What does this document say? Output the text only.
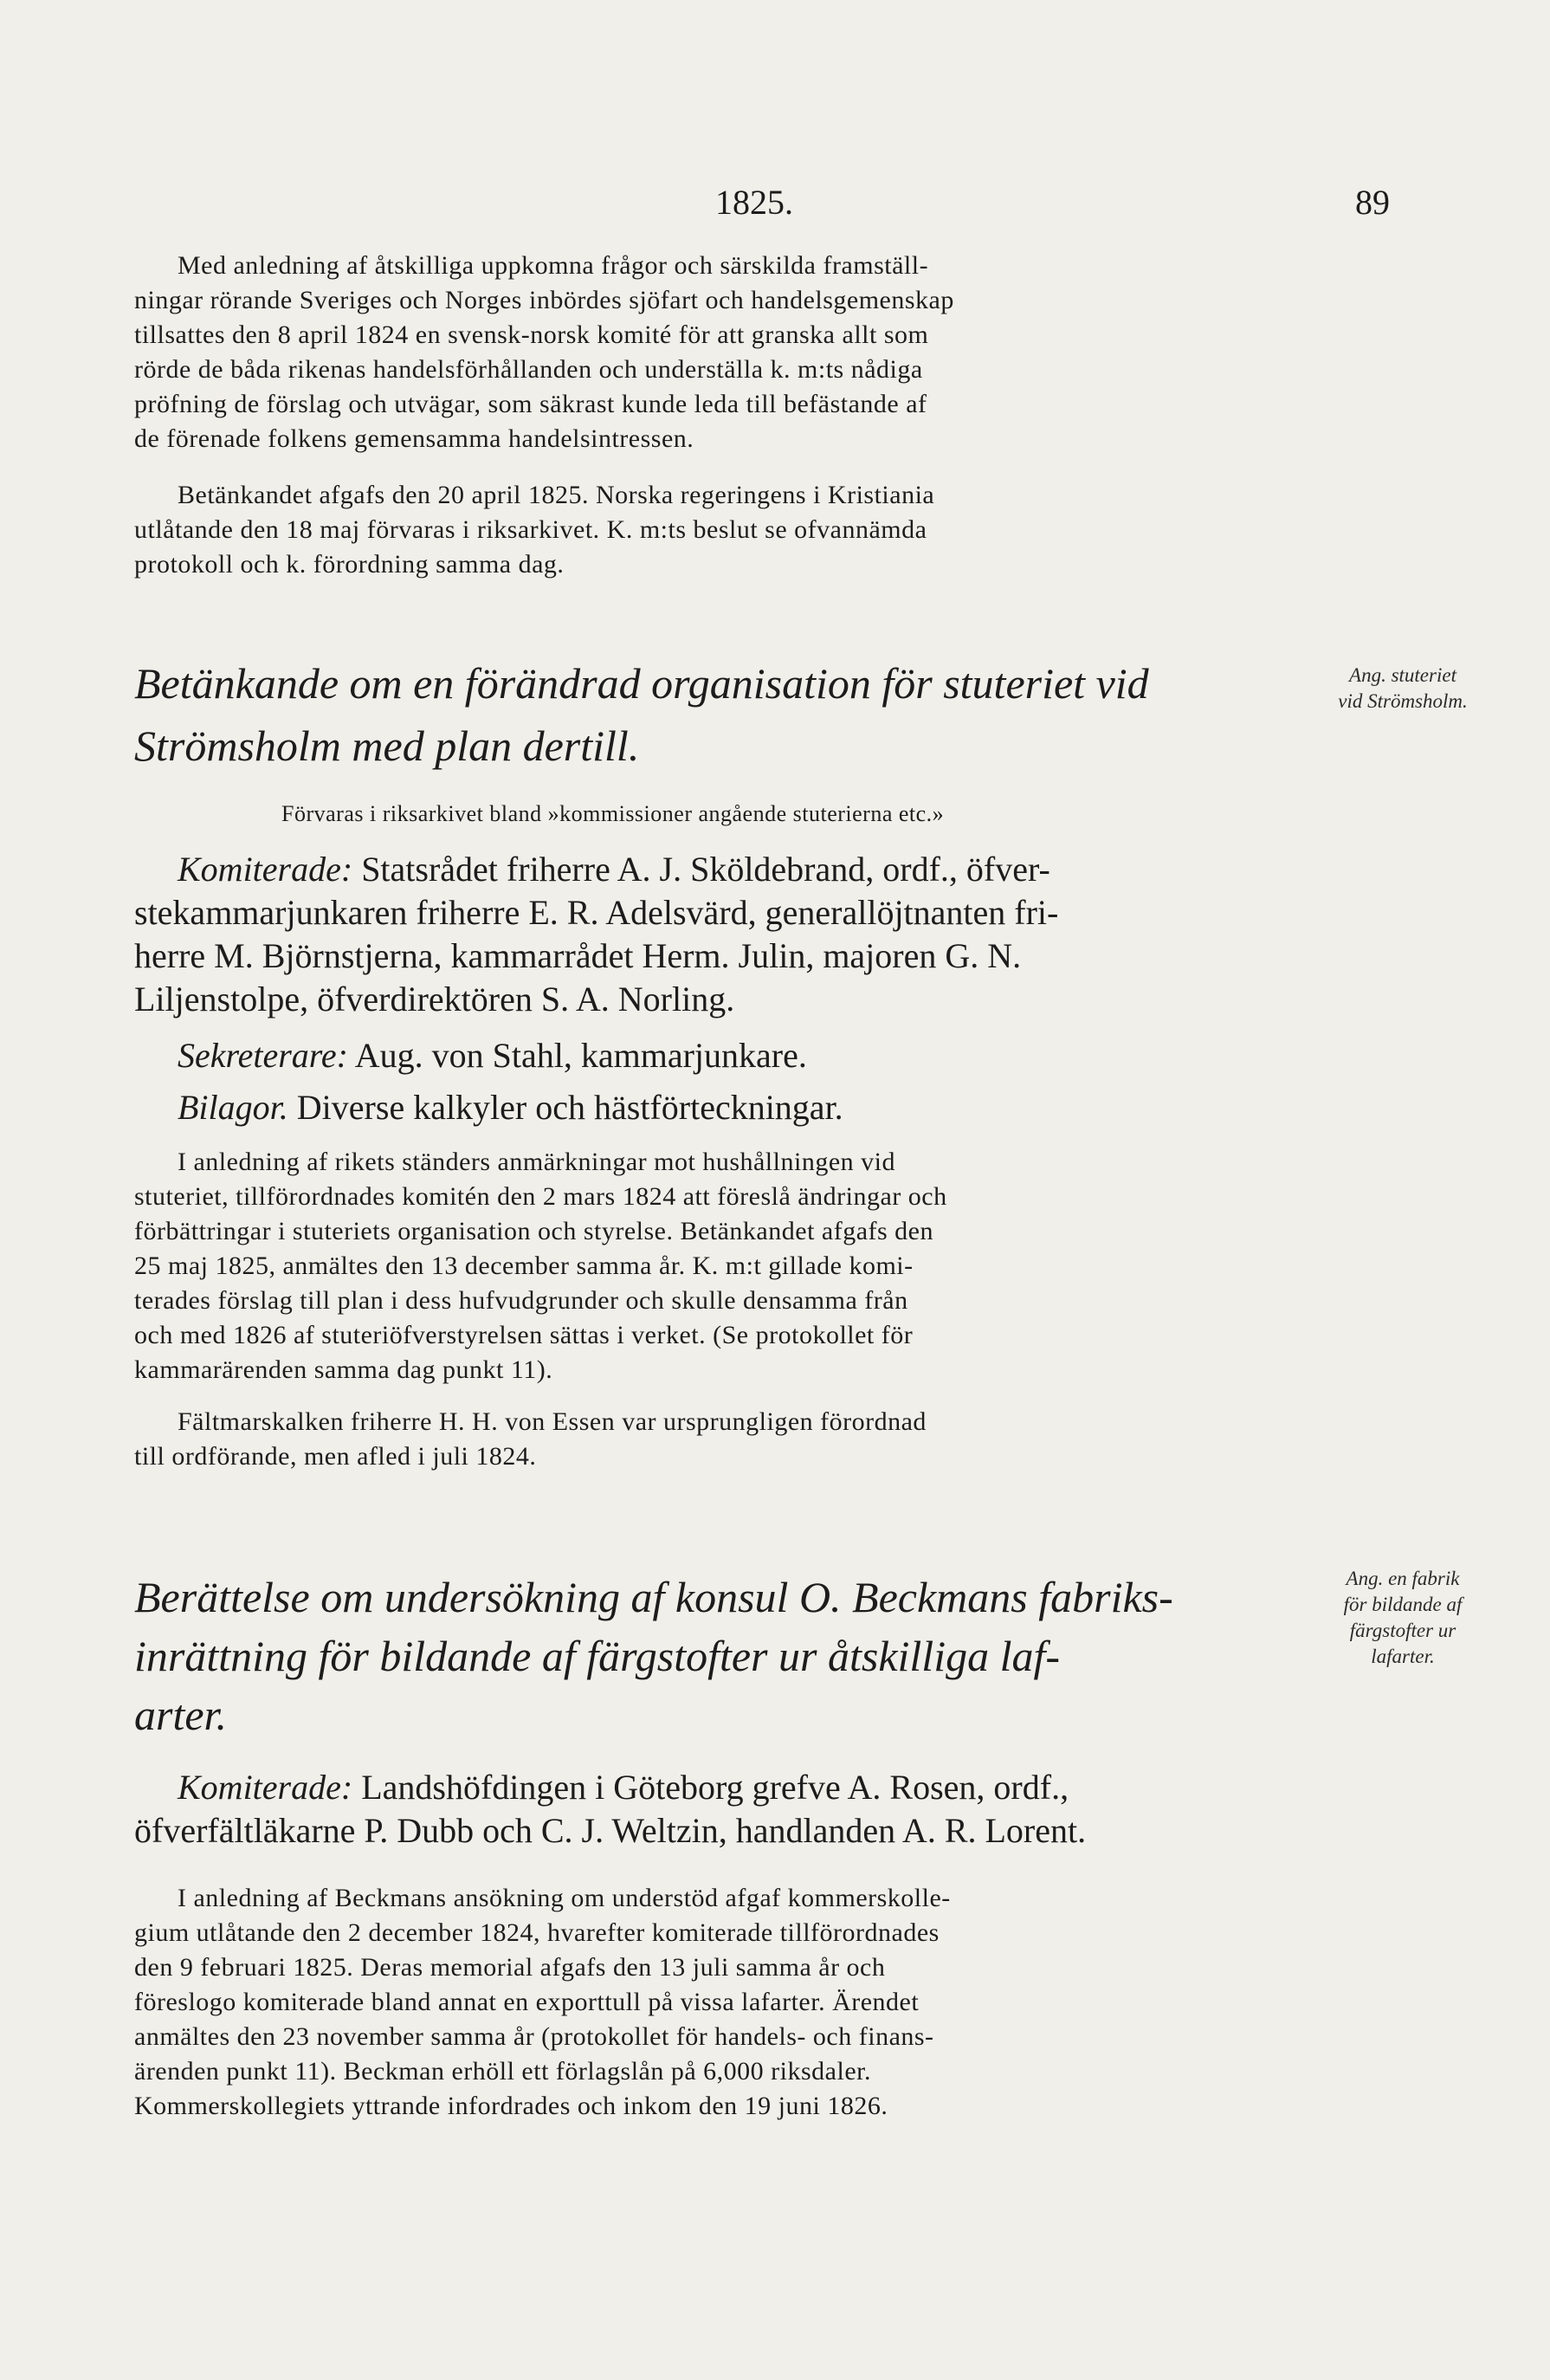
1825.	89
Med anledning af åtskilliga uppkomna frågor och särskilda framställ-
ningar rörande Sveriges och Norges inbördes sjöfart och handelsgemenskap
tillsattes den 8 april 1824 en svensk-norsk komité för att granska allt som
rörde de båda rikenas handelsförhållanden och underställa k. m:ts nådiga
pröfning de förslag och utvägar, som säkrast kunde leda till befästande af
de förenade folkens gemensamma handelsintressen.
Betänkandet afgafs den 20 april 1825. Norska regeringens i Kristiania
utlåtande den 18 maj förvaras i riksarkivet. K. m:ts beslut se ofvannämda
protokoll och k. förordning samma dag.
Betänkande om en förändrad organisation för stuteriet vid
Strömsholm med plan dertill.
Ang. stuteriet
vid Strömsholm.
Förvaras i riksarkivet bland »kommissioner angående stuterierna etc.»
Komiterade: Statsrådet friherre A. J. Sköldebrand, ordf., öfver-
stekammarjunkaren friherre E. R. Adelsvärd, generallöjtnanten fri-
herre M. Björnstjerna, kammarrådet Herm. Julin, majoren G. N.
Liljenstolpe, öfverdirektören S. A. Norling.
Sekreterare: Aug. von Stahl, kammarjunkare.
Bilagor. Diverse kalkyler och hästförteckningar.
I anledning af rikets ständers anmärkningar mot hushållningen vid
stuteriet, tillförordnades komitén den 2 mars 1824 att föreslå ändringar och
förbättringar i stuteriets organisation och styrelse. Betänkandet afgafs den
25 maj 1825, anmältes den 13 december samma år. K. m:t gillade komi-
terades förslag till plan i dess hufvudgrunder och skulle densamma från
och med 1826 af stuteriöfverstyrelsen sättas i verket. (Se protokollet för
kammarärenden samma dag punkt 11).
Fältmarskalken friherre H. H. von Essen var ursprungligen förordnad
till ordförande, men afled i juli 1824.
Berättelse om undersökning af konsul O. Beckmans fabriks-
inrättning för bildande af färgstofter ur åtskilliga laf-
arter.
Ang. en fabrik
för bildande af
färgstofter ur
lafarter.
Komiterade: Landshöfdingen i Göteborg grefve A. Rosen, ordf.,
öfverfältläkarne P. Dubb och C. J. Weltzin, handlanden A. R. Lorent.
I anledning af Beckmans ansökning om understöd afgaf kommerskolle-
gium utlåtande den 2 december 1824, hvarefter komiterade tillförordnades
den 9 februari 1825. Deras memorial afgafs den 13 juli samma år och
föreslogo komiterade bland annat en exporttull på vissa lafarter. Ärendet
anmältes den 23 november samma år (protokollet för handels- och finans-
ärenden punkt 11). Beckman erhöll ett förlagslån på 6,000 riksdaler.
Kommerskollegiets yttrande infordrades och inkom den 19 juni 1826.
